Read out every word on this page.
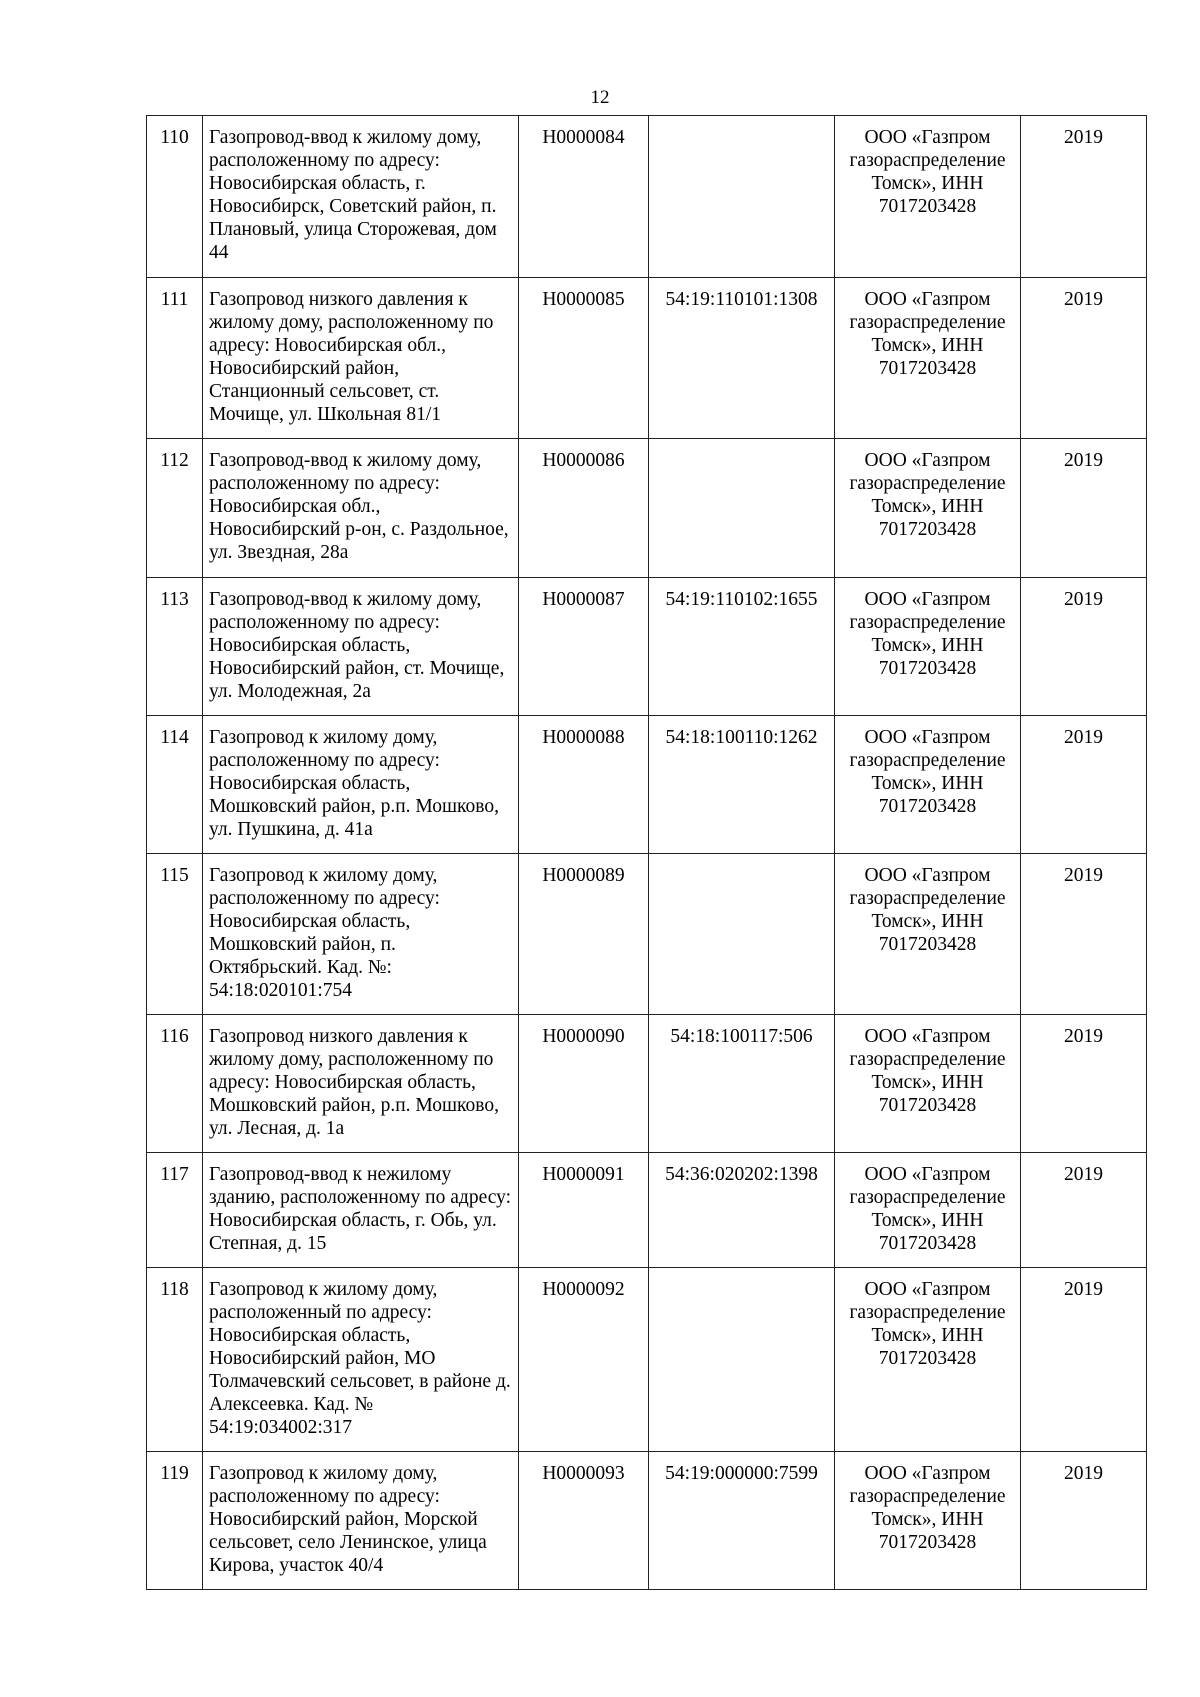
12
110	Газопровод-ввод к жилому дому, расположенному по адресу: Новосибирская область, г. Новосибирск, Советский район, п. Плановый, улица Сторожевая, дом 44	Н0000084		ООО «Газпром
газораспределение
Томск», ИНН
7017203428	2019
111	Газопровод низкого давления к жилому дому, расположенному по адресу: Новосибирская обл., Новосибирский район, Станционный сельсовет, ст. Мочище, ул. Школьная 81/1	Н0000085	54:19:110101:1308	ООО «Газпром
газораспределение
Томск», ИНН
7017203428	2019
112	Газопровод-ввод к жилому дому, расположенному по адресу: Новосибирская обл., Новосибирский р-он, с. Раздольное, ул. Звездная, 28а	Н0000086		ООО «Газпром
газораспределение
Томск», ИНН
7017203428	2019
113	Газопровод-ввод к жилому дому, расположенному по адресу: Новосибирская область, Новосибирский район, ст. Мочище, ул. Молодежная, 2а	Н0000087	54:19:110102:1655	ООО «Газпром
газораспределение
Томск», ИНН
7017203428	2019
114	Газопровод к жилому дому, расположенному по адресу: Новосибирская область, Мошковский район, р.п. Мошково, ул. Пушкина, д. 41а	Н0000088	54:18:100110:1262	ООО «Газпром
газораспределение
Томск», ИНН
7017203428	2019
115	Газопровод к жилому дому, расположенному по адресу: Новосибирская область, Мошковский район, п. Октябрьский. Кад. №: 54:18:020101:754	Н0000089		ООО «Газпром
газораспределение
Томск», ИНН
7017203428	2019
116	Газопровод низкого давления к жилому дому, расположенному по адресу: Новосибирская область, Мошковский район, р.п. Мошково, ул. Лесная, д. 1а	Н0000090	54:18:100117:506	ООО «Газпром
газораспределение
Томск», ИНН
7017203428	2019
117	Газопровод-ввод к нежилому зданию, расположенному по адресу: Новосибирская область, г. Обь, ул. Степная, д. 15	Н0000091	54:36:020202:1398	ООО «Газпром
газораспределение
Томск», ИНН
7017203428	2019
118	Газопровод к жилому дому, расположенный по адресу: Новосибирская область, Новосибирский район, МО Толмачевский сельсовет, в районе д. Алексеевка. Кад. № 54:19:034002:317	Н0000092		ООО «Газпром
газораспределение
Томск», ИНН
7017203428	2019
119	Газопровод к жилому дому, расположенному по адресу: Новосибирский район, Морской сельсовет, село Ленинское, улица Кирова, участок 40/4	Н0000093	54:19:000000:7599	ООО «Газпром
газораспределение
Томск», ИНН
7017203428	2019
